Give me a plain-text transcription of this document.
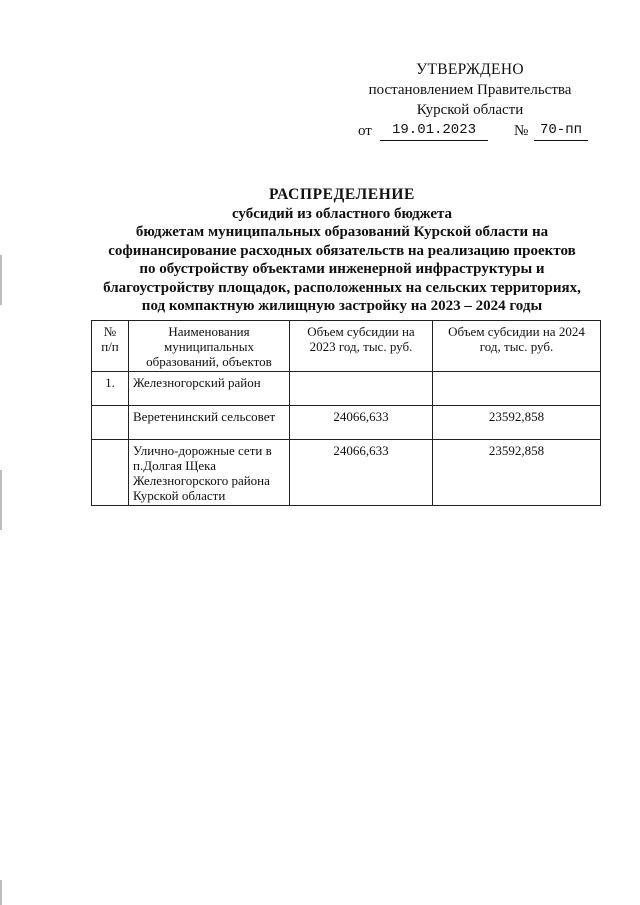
УТВЕРЖДЕНО
постановлением Правительства
Курской области
от	19.01.2023	№ 70-пп
РАСПРЕДЕЛЕНИЕ
субсидий из областного бюджета
бюджетам муниципальных образований Курской области на
софинансирование расходных обязательств на реализацию проектов
по обустройству объектами инженерной инфраструктуры и
благоустройству площадок, расположенных на сельских территориях,
под компактную жилищную застройку на 2023 – 2024 годы
№
п/п	Наименования муниципальных образований, объектов	Объем субсидии на 2023 год, тыс. руб.	Объем субсидии на 2024 год, тыс. руб.
1.	Железногорский район		
	Веретенинский сельсовет	24066,633	23592,858
	Улично-дорожные сети в п.Долгая Щека Железногорского района Курской области	24066,633	23592,858
